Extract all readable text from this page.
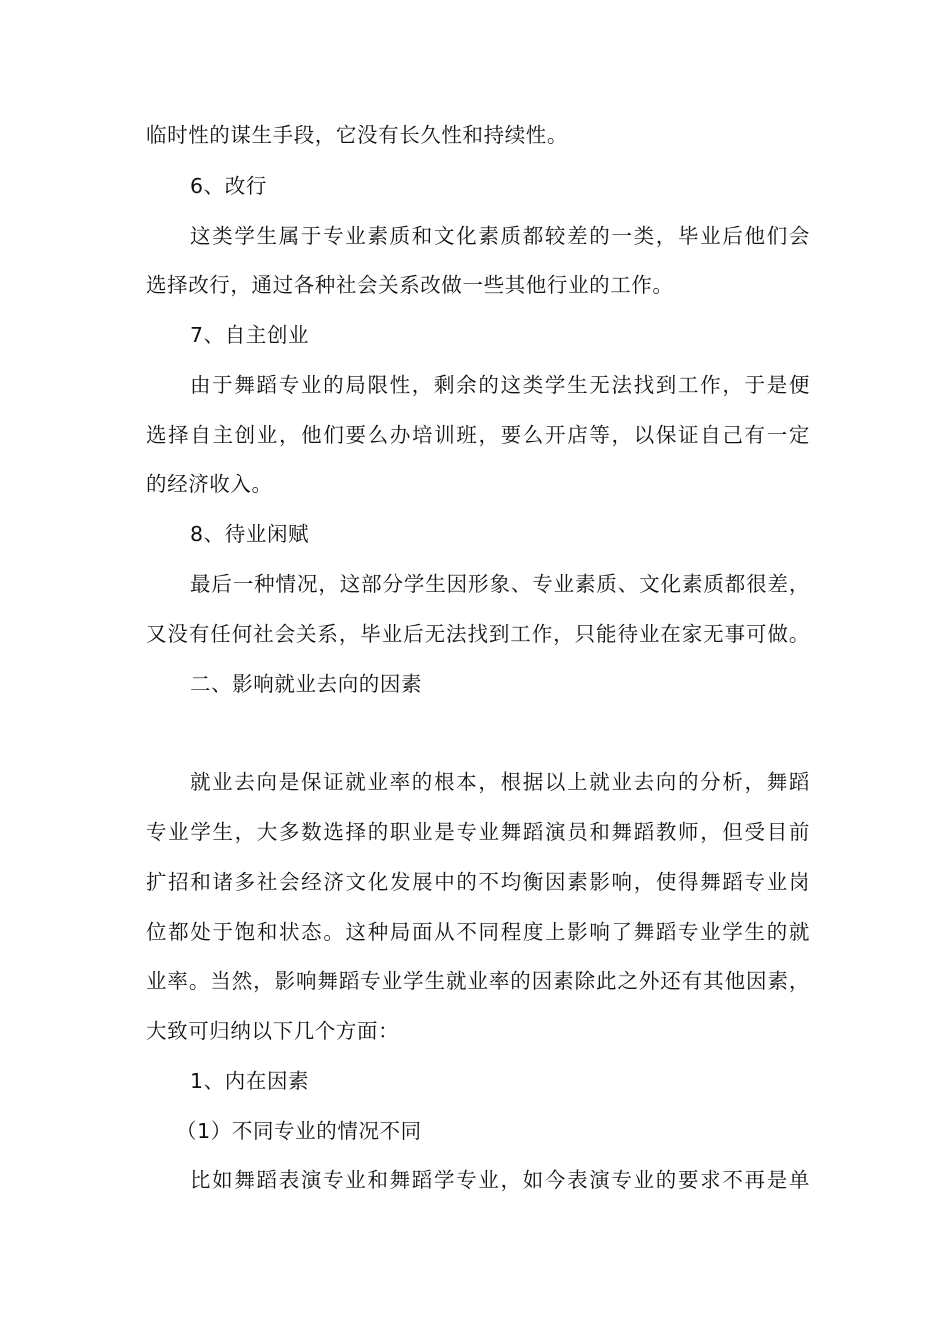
临时性的谋生手段，它没有长久性和持续性。
6、改行
这类学生属于专业素质和文化素质都较差的一类，毕业后他们会
选择改行，通过各种社会关系改做一些其他行业的工作。
7、自主创业
由于舞蹈专业的局限性，剩余的这类学生无法找到工作，于是便
选择自主创业，他们要么办培训班，要么开店等，以保证自己有一定
的经济收入。
8、待业闲赋
最后一种情况，这部分学生因形象、专业素质、文化素质都很差，
又没有任何社会关系，毕业后无法找到工作，只能待业在家无事可做。
二、影响就业去向的因素
就业去向是保证就业率的根本，根据以上就业去向的分析，舞蹈
专业学生，大多数选择的职业是专业舞蹈演员和舞蹈教师，但受目前
扩招和诸多社会经济文化发展中的不均衡因素影响，使得舞蹈专业岗
位都处于饱和状态。这种局面从不同程度上影响了舞蹈专业学生的就
业率。当然，影响舞蹈专业学生就业率的因素除此之外还有其他因素，
大致可归纳以下几个方面：
1、内在因素
（1）不同专业的情况不同
比如舞蹈表演专业和舞蹈学专业，如今表演专业的要求不再是单
